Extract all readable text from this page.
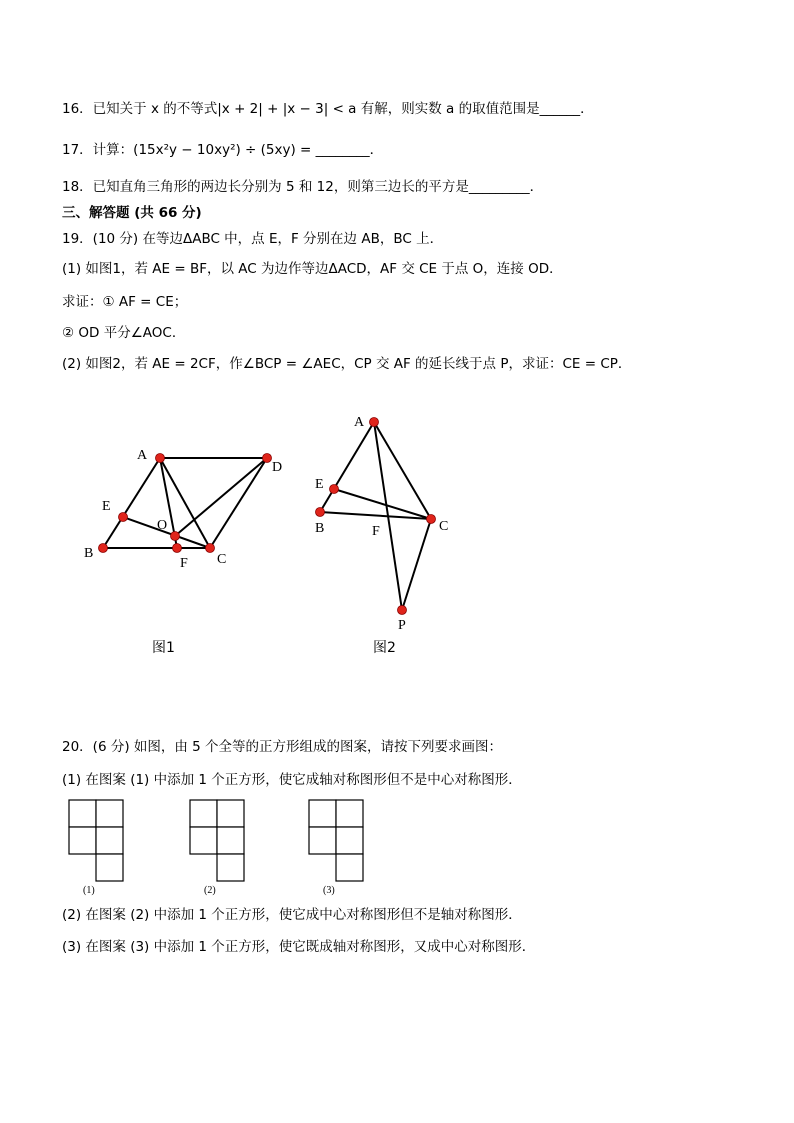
16．已知关于 x 的不等式|x + 2| + |x − 3| < a 有解，则实数 a 的取值范围是______．
17．计算：(15x²y − 10xy²) ÷ (5xy) = ________．
18．已知直角三角形的两边长分别为 5 和 12，则第三边长的平方是_________．
三、解答题 (共 66 分)
19．(10 分) 在等边ΔABC 中，点 E，F 分别在边 AB，BC 上．
(1) 如图1，若 AE = BF，以 AC 为边作等边ΔACD，AF 交 CE 于点 O，连接 OD．
求证：① AF = CE；
② OD 平分∠AOC．
(2) 如图2，若 AE = 2CF，作∠BCP = ∠AEC，CP 交 AF 的延长线于点 P，求证：CE = CP．
A
D
E
B
F C
O
图1
A
E
B	F	C
P
图2
20．(6 分) 如图，由 5 个全等的正方形组成的图案，请按下列要求画图：
(1) 在图案 (1) 中添加 1 个正方形，使它成轴对称图形但不是中心对称图形．
(1)	(2)	(3)
(2) 在图案 (2) 中添加 1 个正方形，使它成中心对称图形但不是轴对称图形．
(3) 在图案 (3) 中添加 1 个正方形，使它既成轴对称图形，又成中心对称图形．
